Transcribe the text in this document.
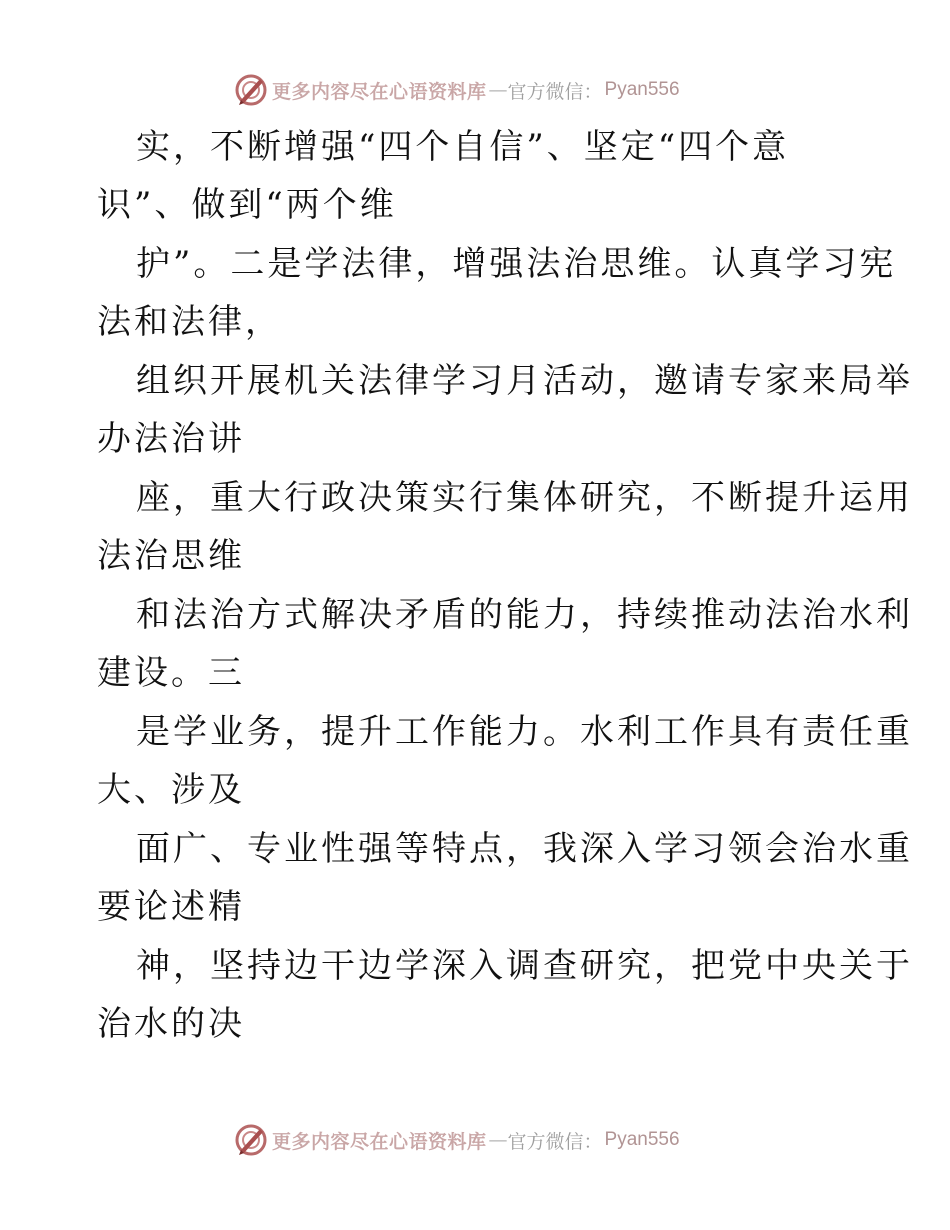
更多内容尽在心语资料库 — 官方微信： Pyan556
实，不断增强“四个自信”、坚定“四个意
识”、做到“两个维
护”。二是学法律，增强法治思维。认真学习宪
法和法律，
组织开展机关法律学习月活动，邀请专家来局举
办法治讲
座，重大行政决策实行集体研究，不断提升运用
法治思维
和法治方式解决矛盾的能力，持续推动法治水利
建设。三
是学业务，提升工作能力。水利工作具有责任重
大、涉及
面广、专业性强等特点，我深入学习领会治水重
要论述精
神，坚持边干边学深入调查研究，把党中央关于
治水的决
更多内容尽在心语资料库 — 官方微信： Pyan556
